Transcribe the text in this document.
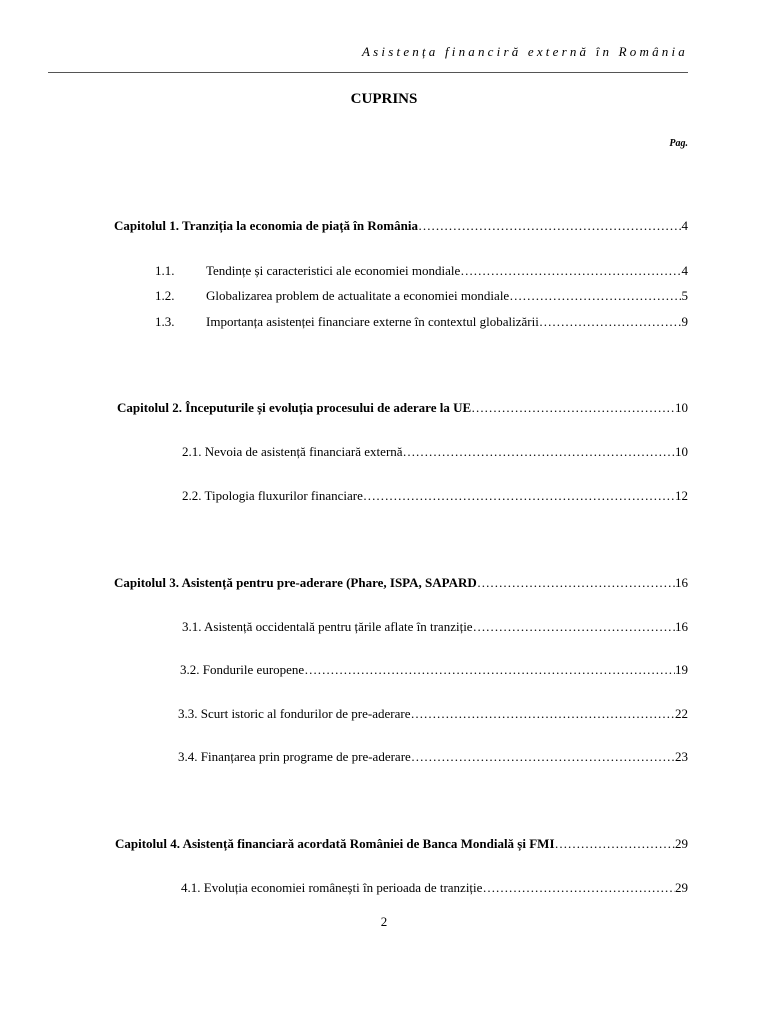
Asistența financiră externă în România
CUPRINS
Pag.
Capitolul 1. Tranziția la economia de piață în România ……………………………………………………………………………………………………………………………………………………………………………………	4
1.1. Tendințe și caracteristici ale economiei mondiale ……………………………………………………………………………………………………………………………………………………………………………………	4
1.2. Globalizarea problem de actualitate a economiei mondiale ……………………………………………………………………………………………………………………………………………………………………………………	5
1.3. Importanța asistenței financiare externe în contextul globalizării ……………………………………………………………………………………………………………………………………………………………………………………	9
Capitolul 2. Începuturile și evoluția procesului de aderare la UE ……………………………………………………………………………………………………………………………………………………………………………………	10
2.1. Nevoia de asistență financiară externă ……………………………………………………………………………………………………………………………………………………………………………………	10
2.2. Tipologia fluxurilor financiare ……………………………………………………………………………………………………………………………………………………………………………………	12
Capitolul 3. Asistență pentru pre-aderare (Phare, ISPA, SAPARD ……………………………………………………………………………………………………………………………………………………………………………………	16
3.1. Asistență occidentală pentru țările aflate în tranziție ……………………………………………………………………………………………………………………………………………………………………………………	16
3.2. Fondurile europene ……………………………………………………………………………………………………………………………………………………………………………………	19
3.3. Scurt istoric al fondurilor de pre-aderare ……………………………………………………………………………………………………………………………………………………………………………………	22
3.4. Finanțarea prin programe de pre-aderare ……………………………………………………………………………………………………………………………………………………………………………………	23
Capitolul 4. Asistență financiară acordată României de Banca Mondială și FMI ……………………………………………………………………………………………………………………………………………………………………………………	29
4.1. Evoluția economiei românești în perioada de tranziție ……………………………………………………………………………………………………………………………………………………………………………………	29
2
